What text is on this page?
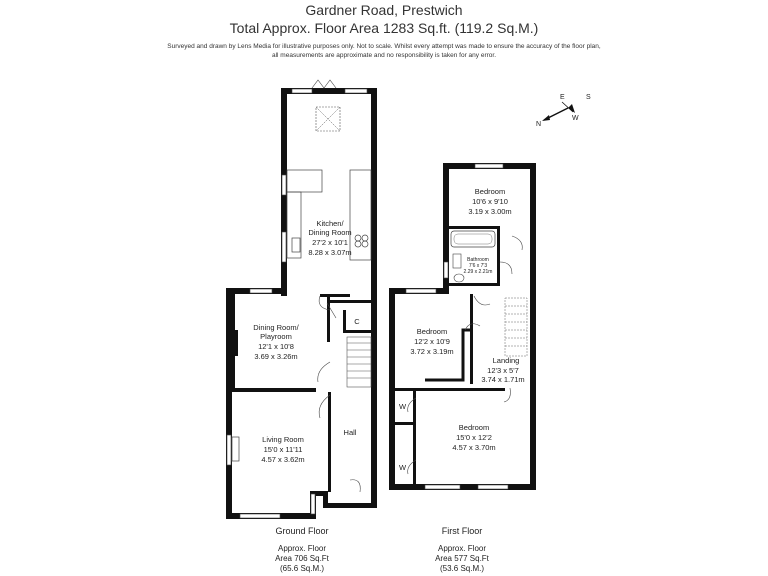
Gardner Road, Prestwich
Total Approx. Floor Area 1283 Sq.ft. (119.2 Sq.M.)
Surveyed and drawn by Lens Media for illustrative purposes only. Not to scale. Whilst every attempt was made to ensure the accuracy of the floor plan,
all measurements are approximate and no responsibility is taken for any error.
N
E	S
W
Kitchen/
Dining Room
27'2 x 10'1
8.28 x 3.07m
Dining Room/
Playroom
12'1 x 10'8
3.69 x 3.26m
Living Room
15'0 x 11'11
4.57 x 3.62m
Hall
C
Ground Floor
Approx. Floor
Area 706 Sq.Ft
(65.6 Sq.M.)
Bedroom
10'6 x 9'10
3.19 x 3.00m
Bathroom
7'6 x 7'3
2.29 x 2.21m
Bedroom
12'2 x 10'9
3.72 x 3.19m
Landing
12'3 x 5'7
3.74 x 1.71m
Bedroom
15'0 x 12'2
4.57 x 3.70m
W
W
First Floor
Approx. Floor
Area 577 Sq.Ft
(53.6 Sq.M.)
